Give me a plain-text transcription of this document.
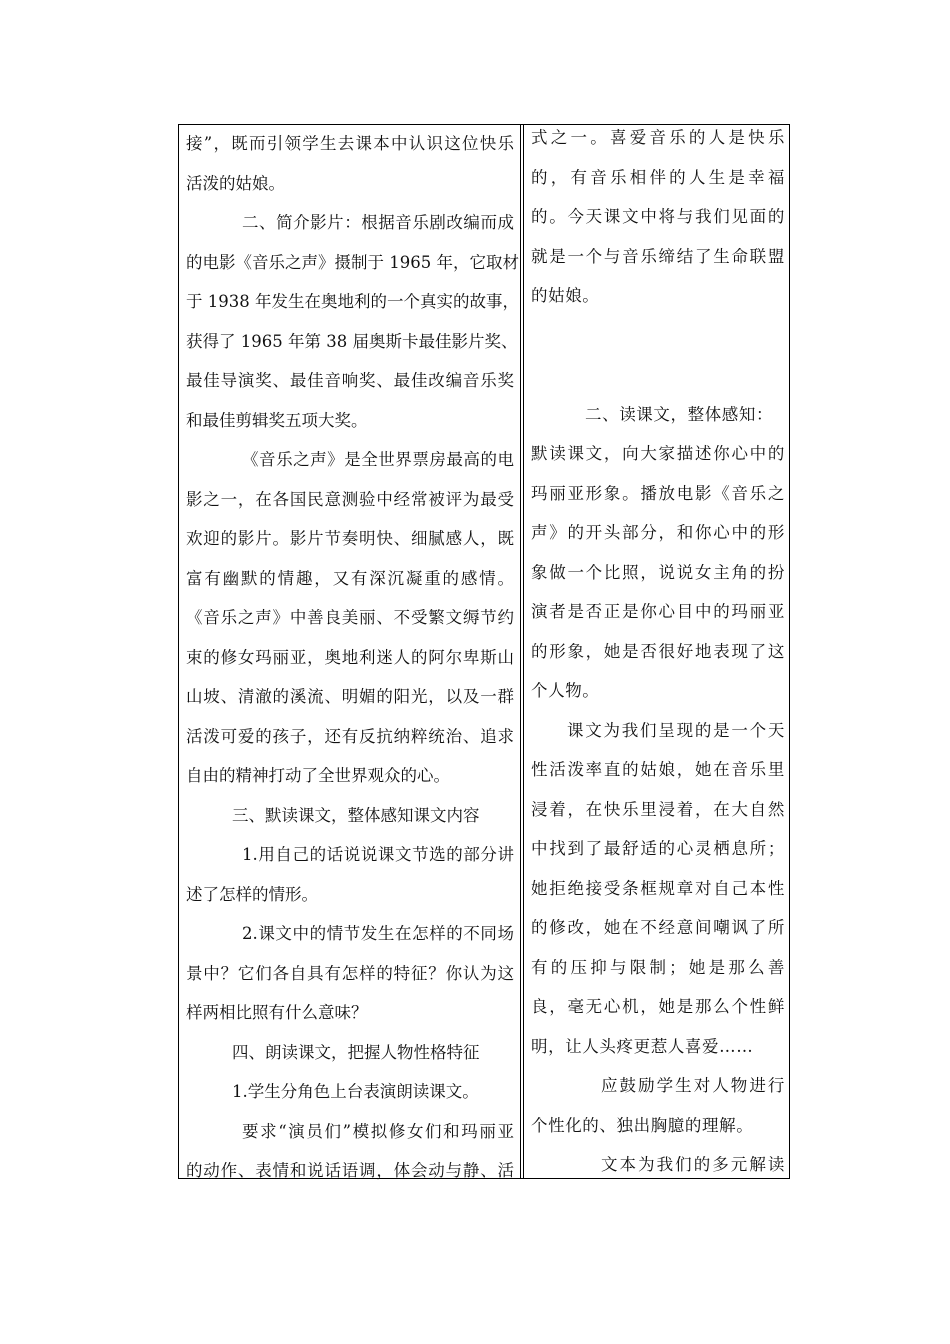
接”，既而引领学生去课本中认识这位快乐
活泼的姑娘。
二、简介影片：根据音乐剧改编而成
的电影《音乐之声》摄制于 1965 年，它取材
于 1938 年发生在奥地利的一个真实的故事，
获得了 1965 年第 38 届奥斯卡最佳影片奖、
最佳导演奖、最佳音响奖、最佳改编音乐奖
和最佳剪辑奖五项大奖。
《音乐之声》是全世界票房最高的电
影之一，在各国民意测验中经常被评为最受
欢迎的影片。影片节奏明快、细腻感人，既
富有幽默的情趣，又有深沉凝重的感情。
《音乐之声》中善良美丽、不受繁文缛节约
束的修女玛丽亚，奥地利迷人的阿尔卑斯山
山坡、清澈的溪流、明媚的阳光，以及一群
活泼可爱的孩子，还有反抗纳粹统治、追求
自由的精神打动了全世界观众的心。
三、默读课文，整体感知课文内容
1.用自己的话说说课文节选的部分讲
述了怎样的情形。
2.课文中的情节发生在怎样的不同场
景中？它们各自具有怎样的特征？你认为这
样两相比照有什么意味？
四、朗读课文，把握人物性格特征
1.学生分角色上台表演朗读课文。
要求“演员们”模拟修女们和玛丽亚
的动作、表情和说话语调，体会动与静、活
式之一。喜爱音乐的人是快乐
的，有音乐相伴的人生是幸福
的。今天课文中将与我们见面的
就是一个与音乐缔结了生命联盟
的姑娘。
二、读课文，整体感知：
默读课文，向大家描述你心中的
玛丽亚形象。播放电影《音乐之
声》的开头部分，和你心中的形
象做一个比照，说说女主角的扮
演者是否正是你心目中的玛丽亚
的形象，她是否很好地表现了这
个人物。
课文为我们呈现的是一个天
性活泼率直的姑娘，她在音乐里
浸着，在快乐里浸着，在大自然
中找到了最舒适的心灵栖息所；
她拒绝接受条框规章对自己本性
的修改，她在不经意间嘲讽了所
有的压抑与限制；她是那么善
良，毫无心机，她是那么个性鲜
明，让人头疼更惹人喜爱……
应鼓励学生对人物进行
个性化的、独出胸臆的理解。
文本为我们的多元解读
